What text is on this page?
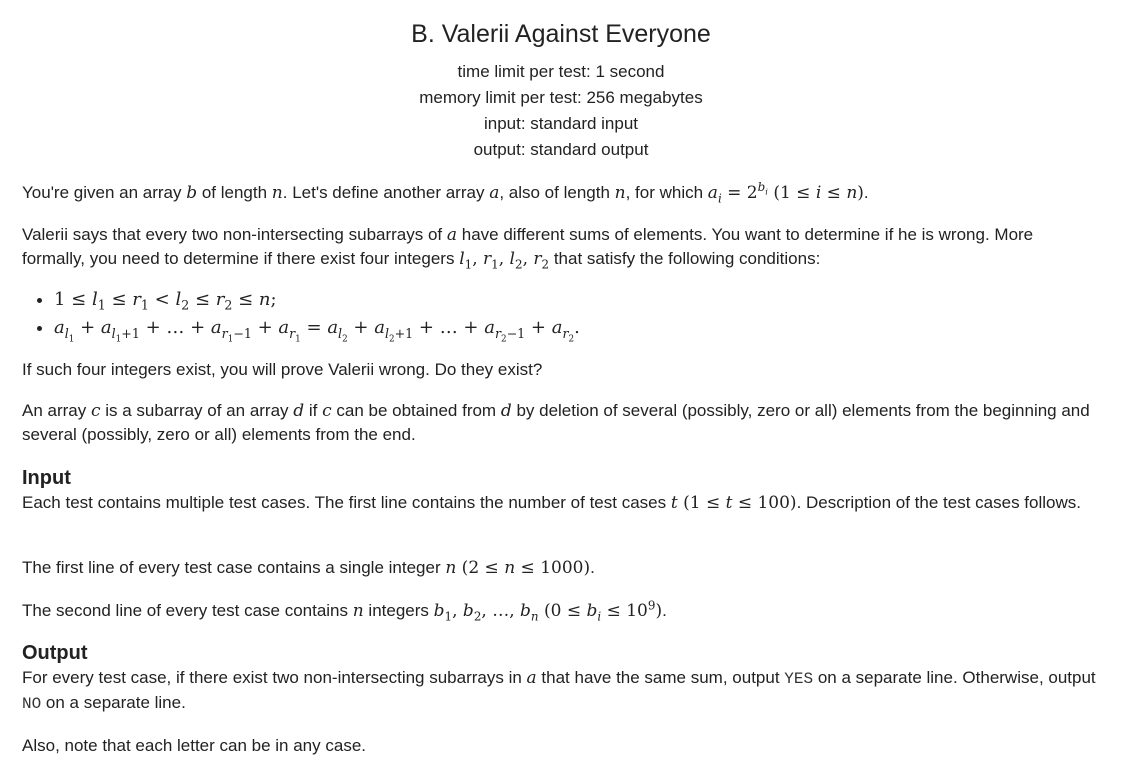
B. Valerii Against Everyone
time limit per test: 1 second
memory limit per test: 256 megabytes
input: standard input
output: standard output
You're given an array b of length n. Let's define another array a, also of length n, for which $a_i = 2^{b_i}$ (1 ≤ i ≤ n).
Valerii says that every two non-intersecting subarrays of a have different sums of elements. You want to determine if he is wrong. More formally, you need to determine if there exist four integers $l_1$, $r_1$, $l_2$, $r_2$ that satisfy the following conditions:
• $1 \le l_1 \le r_1 < l_2 \le r_2 \le n$;
• $a_{l_1} + a_{l_1+1}$ + … + $a_{r_1-1} + a_{r_1} = a_{l_2} + a_{l_2+1}$ + … + $a_{r_2-1} + a_{r_2}$.
If such four integers exist, you will prove Valerii wrong. Do they exist?
An array c is a subarray of an array d if c can be obtained from d by deletion of several (possibly, zero or all) elements from the beginning and several (possibly, zero or all) elements from the end.
Input
Each test contains multiple test cases. The first line contains the number of test cases t (1 ≤ t ≤ 100). Description of the test cases follows.
The first line of every test case contains a single integer n (2 ≤ n ≤ 1000).
The second line of every test case contains n integers $b_1$, $b_2$, …, $b_n$ $(0 \le b_i \le 10^9)$.
Output
For every test case, if there exist two non-intersecting subarrays in a that have the same sum, output YES on a separate line. Otherwise, output NO on a separate line.
Also, note that each letter can be in any case.
